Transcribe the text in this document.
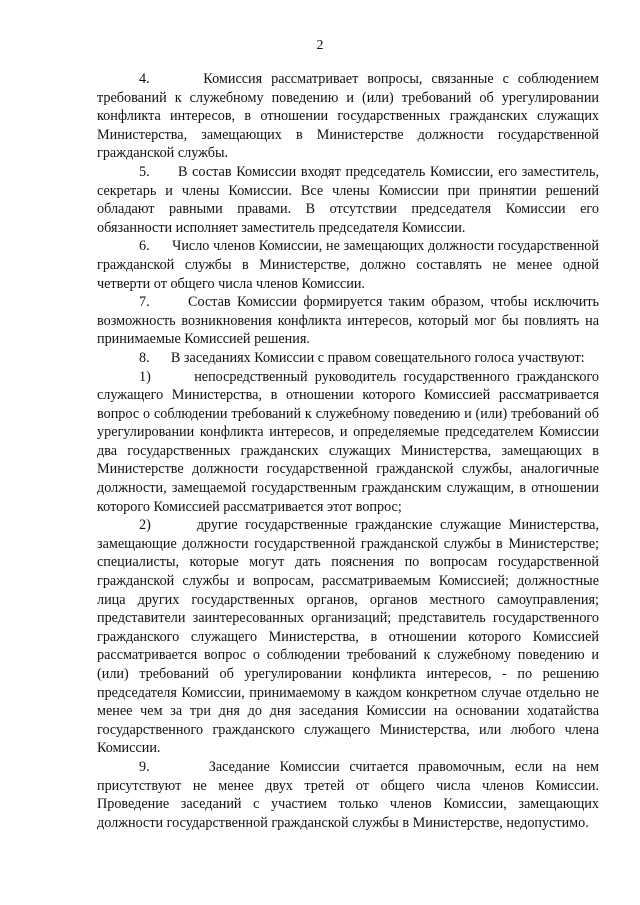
2

4.      Комиссия рассматривает вопросы, связанные с соблюдением требований к служебному поведению и (или) требований об урегулировании конфликта интересов, в отношении государственных гражданских служащих Министерства, замещающих в Министерстве должности государственной гражданской службы.

5.      В состав Комиссии входят председатель Комиссии, его заместитель, секретарь и члены Комиссии. Все члены Комиссии при принятии решений обладают равными правами. В отсутствии председателя Комиссии его обязанности исполняет заместитель председателя Комиссии.

6.      Число членов Комиссии, не замещающих должности государственной гражданской службы в Министерстве, должно составлять не менее одной четверти от общего числа членов Комиссии.

7.      Состав Комиссии формируется таким образом, чтобы исключить возможность возникновения конфликта интересов, который мог бы повлиять на принимаемые Комиссией решения.

8.      В заседаниях Комиссии с правом совещательного голоса участвуют:

1)      непосредственный руководитель государственного гражданского служащего Министерства, в отношении которого Комиссией рассматривается вопрос о соблюдении требований к служебному поведению и (или) требований об урегулировании конфликта интересов, и определяемые председателем Комиссии два государственных гражданских служащих Министерства, замещающих в Министерстве должности государственной гражданской службы, аналогичные должности, замещаемой государственным гражданским служащим, в отношении которого Комиссией рассматривается этот вопрос;

2)      другие государственные гражданские служащие Министерства, замещающие должности государственной гражданской службы в Министерстве; специалисты, которые могут дать пояснения по вопросам государственной гражданской службы и вопросам, рассматриваемым Комиссией; должностные лица других государственных органов, органов местного самоуправления; представители заинтересованных организаций; представитель государственного гражданского служащего Министерства, в отношении которого Комиссией рассматривается вопрос о соблюдении требований к служебному поведению и (или) требований об урегулировании конфликта интересов, - по решению председателя Комиссии, принимаемому в каждом конкретном случае отдельно не менее чем за три дня до дня заседания Комиссии на основании ходатайства государственного гражданского служащего Министерства, или любого члена Комиссии.

9.      Заседание Комиссии считается правомочным, если на нем присутствуют не менее двух третей от общего числа членов Комиссии. Проведение заседаний с участием только членов Комиссии, замещающих должности государственной гражданской службы в Министерстве, недопустимо.
